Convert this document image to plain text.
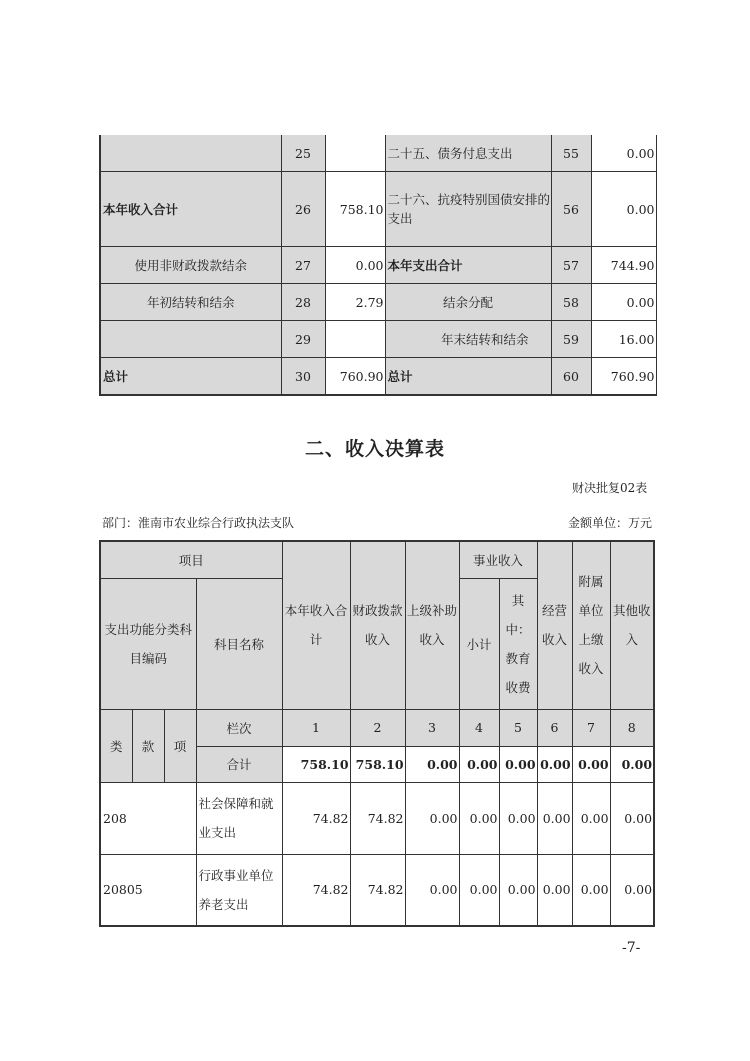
	25		二十五、债务付息支出	55	0.00
本年收入合计	26	758.10	二十六、抗疫特别国债安排的支出	56	0.00
使用非财政拨款结余	27	0.00	本年支出合计	57	744.90
年初结转和结余	28	2.79	结余分配	58	0.00
	29		年末结转和结余	59	16.00
总计	30	760.90	总计	60	760.90
二、收入决算表
财决批复02表
部门：淮南市农业综合行政执法支队	金额单位：万元
项目				本年收入合计	财政拨款收入	上级补助收入	事业收入		经营收入	附属单位上缴收入	其他收入
支出功能分类科目编码			科目名称				小计	其中：教育收费			

类	款	项	栏次	1	2	3	4	5	6	7	8
			合计	758.10	758.10	0.00	0.00	0.00	0.00	0.00	0.00
208			社会保障和就业支出	74.82	74.82	0.00	0.00	0.00	0.00	0.00	0.00
20805			行政事业单位养老支出	74.82	74.82	0.00	0.00	0.00	0.00	0.00	0.00
-7-
